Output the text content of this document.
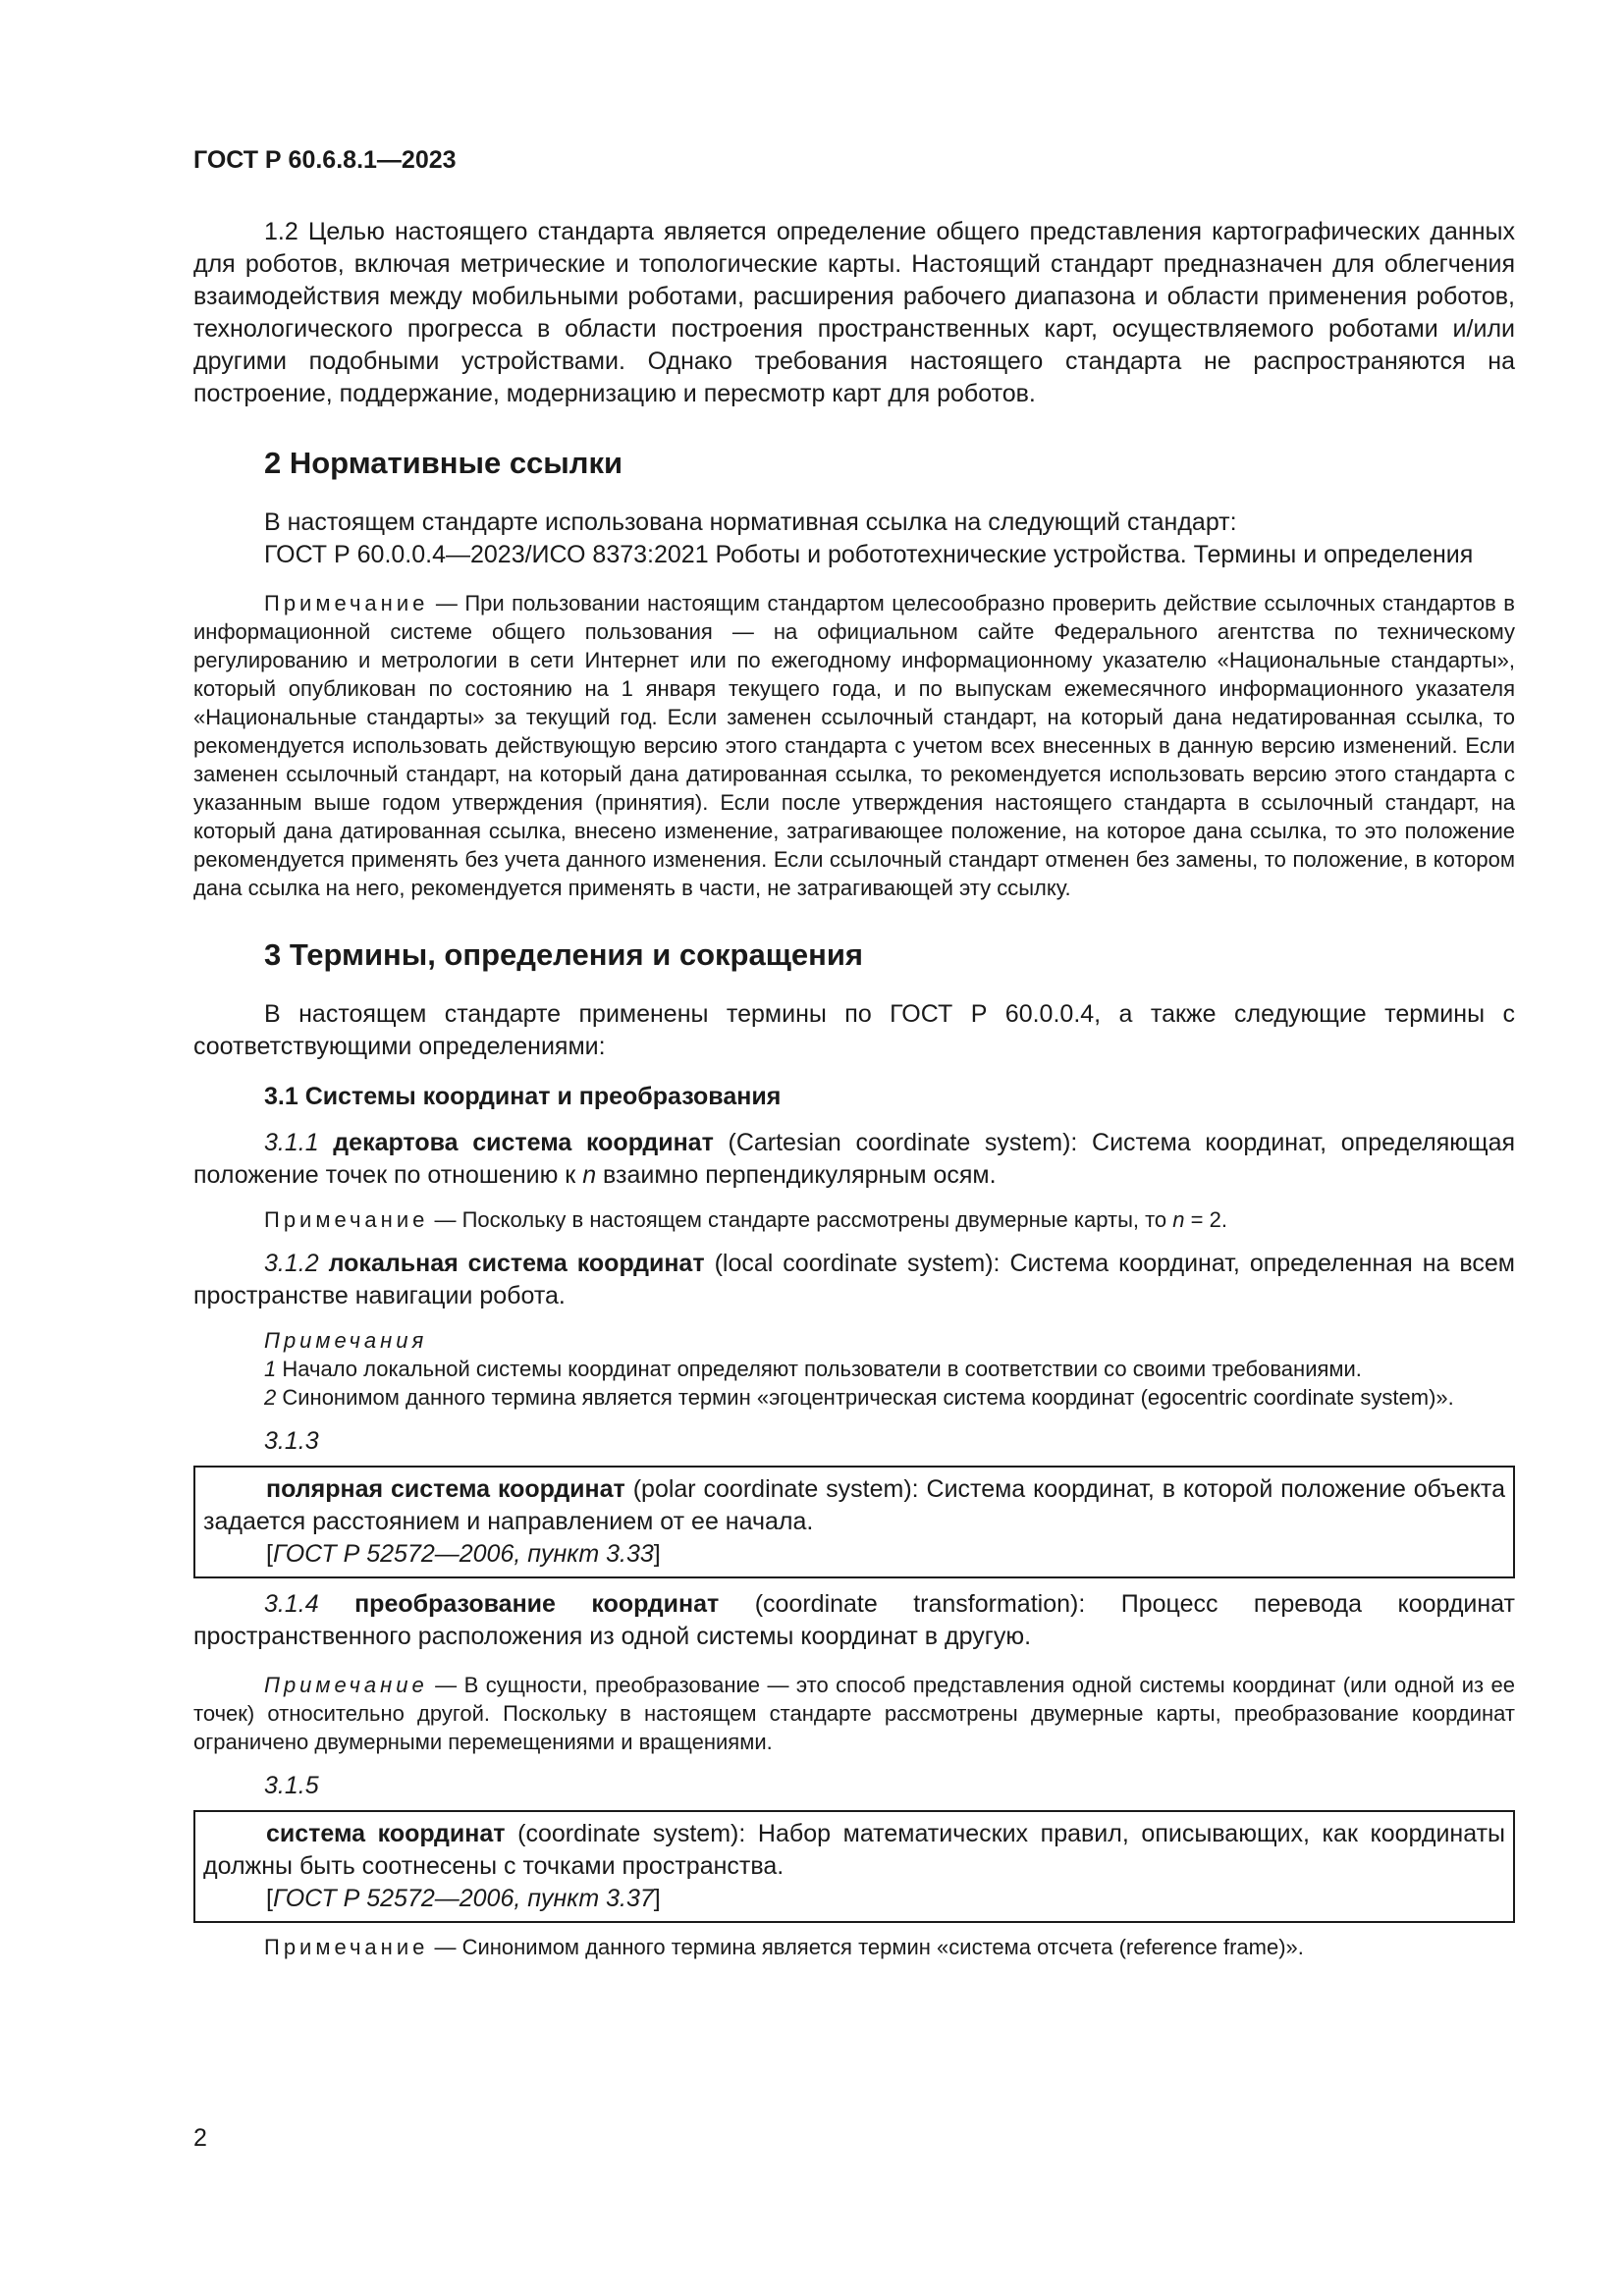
ГОСТ Р 60.6.8.1—2023

1.2 Целью настоящего стандарта является определение общего представления картографических данных для роботов, включая метрические и топологические карты. Настоящий стандарт предназначен для облегчения взаимодействия между мобильными роботами, расширения рабочего диапазона и области применения роботов, технологического прогресса в области построения пространственных карт, осуществляемого роботами и/или другими подобными устройствами. Однако требования настоящего стандарта не распространяются на построение, поддержание, модернизацию и пересмотр карт для роботов.

2 Нормативные ссылки

В настоящем стандарте использована нормативная ссылка на следующий стандарт:

ГОСТ Р 60.0.0.4—2023/ИСО 8373:2021 Роботы и робототехнические устройства. Термины и определения

Примечание — При пользовании настоящим стандартом целесообразно проверить действие ссылочных стандартов в информационной системе общего пользования — на официальном сайте Федерального агентства по техническому регулированию и метрологии в сети Интернет или по ежегодному информационному указателю «Национальные стандарты», который опубликован по состоянию на 1 января текущего года, и по выпускам ежемесячного информационного указателя «Национальные стандарты» за текущий год. Если заменен ссылочный стандарт, на который дана недатированная ссылка, то рекомендуется использовать действующую версию этого стандарта с учетом всех внесенных в данную версию изменений. Если заменен ссылочный стандарт, на который дана датированная ссылка, то рекомендуется использовать версию этого стандарта с указанным выше годом утверждения (принятия). Если после утверждения настоящего стандарта в ссылочный стандарт, на который дана датированная ссылка, внесено изменение, затрагивающее положение, на которое дана ссылка, то это положение рекомендуется применять без учета данного изменения. Если ссылочный стандарт отменен без замены, то положение, в котором дана ссылка на него, рекомендуется применять в части, не затрагивающей эту ссылку.

3 Термины, определения и сокращения

В настоящем стандарте применены термины по ГОСТ Р 60.0.0.4, а также следующие термины с соответствующими определениями:

3.1 Системы координат и преобразования

3.1.1 декартова система координат (Cartesian coordinate system): Система координат, определяющая положение точек по отношению к n взаимно перпендикулярным осям.

Примечание — Поскольку в настоящем стандарте рассмотрены двумерные карты, то n = 2.

3.1.2 локальная система координат (local coordinate system): Система координат, определенная на всем пространстве навигации робота.

Примечания

1 Начало локальной системы координат определяют пользователи в соответствии со своими требованиями.

2 Синонимом данного термина является термин «эгоцентрическая система координат (egocentric coordinate system)».

3.1.3

полярная система координат (polar coordinate system): Система координат, в которой положение объекта задается расстоянием и направлением от ее начала.

[ГОСТ Р 52572—2006, пункт 3.33]

3.1.4 преобразование координат (coordinate transformation): Процесс перевода координат пространственного расположения из одной системы координат в другую.

Примечание — В сущности, преобразование — это способ представления одной системы координат (или одной из ее точек) относительно другой. Поскольку в настоящем стандарте рассмотрены двумерные карты, преобразование координат ограничено двумерными перемещениями и вращениями.

3.1.5

система координат (coordinate system): Набор математических правил, описывающих, как координаты должны быть соотнесены с точками пространства.

[ГОСТ Р 52572—2006, пункт 3.37]

Примечание — Синонимом данного термина является термин «система отсчета (reference frame)».

2
